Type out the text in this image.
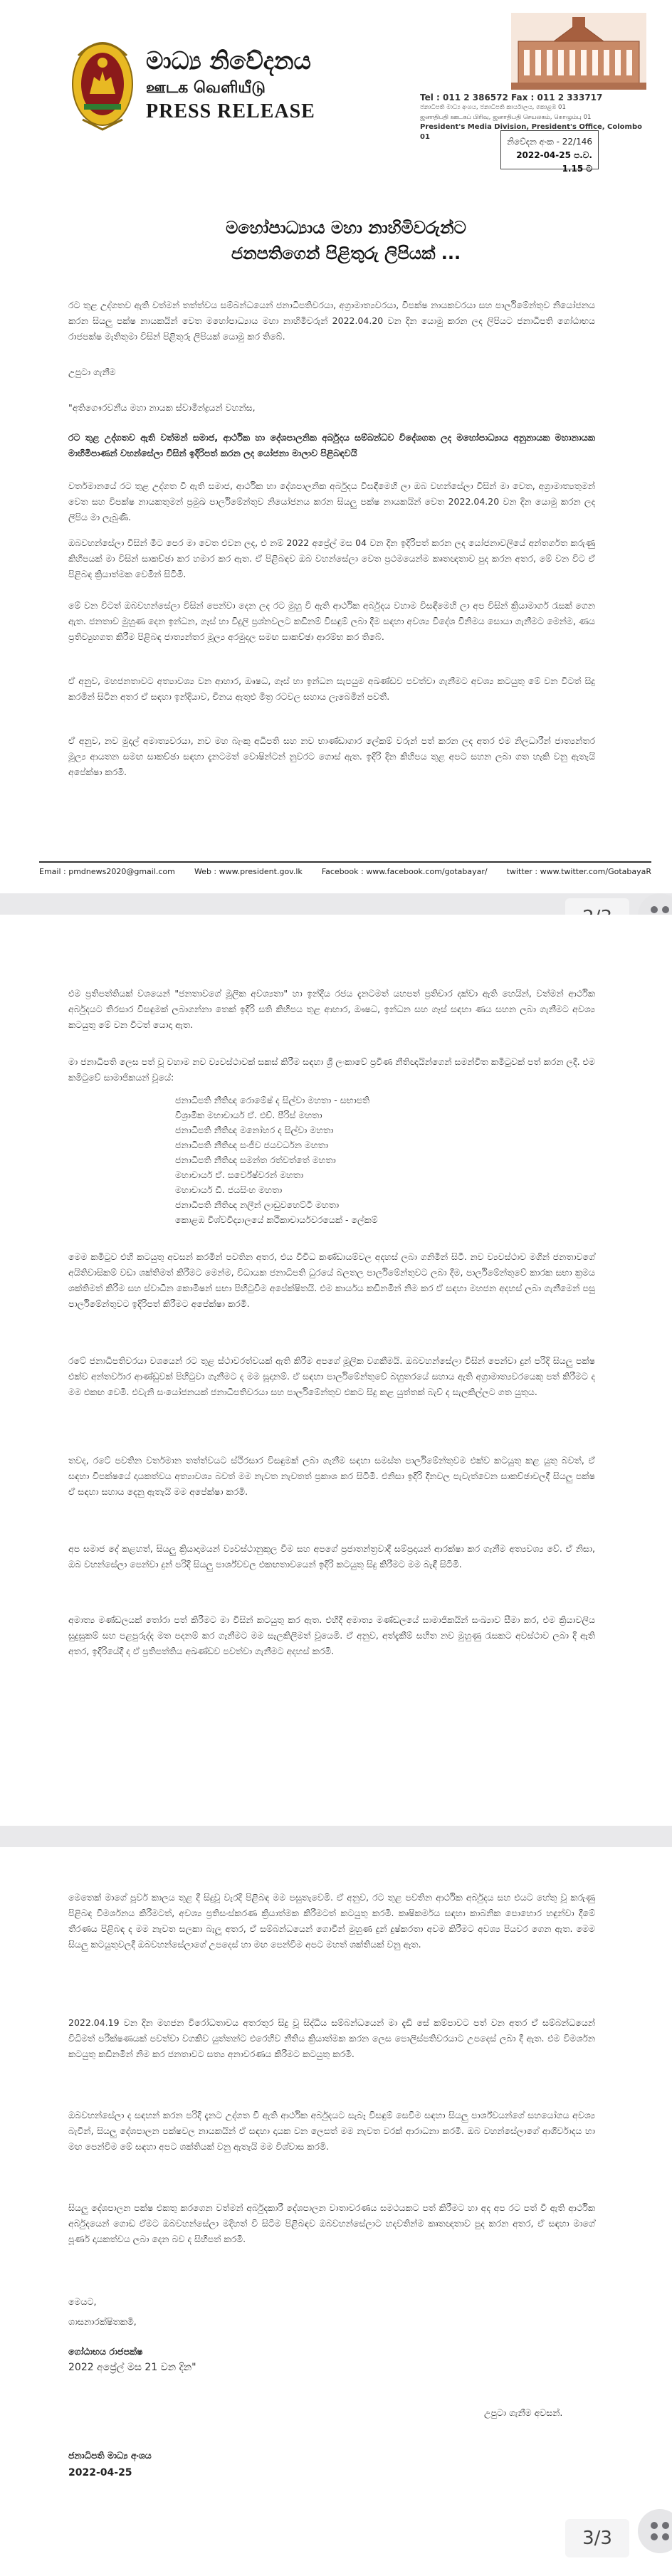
මාධ්‍ය නිවේදනය
ஊடக வெளியீடு
PRESS RELEASE
Tel : 011 2 386572 Fax : 011 2 333717
ජනාධිපති මාධ්‍ය අංශය, ජනාධිපති කාර්යාලය, කොළඹ 01
ஜனாதிபதி ஊடகப் பிரிவு, ஜனாதிபதி செயலகம், கொழும்பு 01
President's Media Division, President's Office, Colombo 01	නිවේදන අංක - 22/146
2022-04-25 ප.ව. 1.15 ට
මහෝපාධ්‍යාය මහා නාහිමිවරුන්ට
ජනපතිගෙන් පිළිතුරු ලිපියක් ...
රට තුළ උද්ගතව ඇති වත්මන් තත්ත්වය සම්බන්ධයෙන් ජනාධිපතිවරයා, අග්‍රාමාත්‍යවරයා, විපක්ෂ නායකවරයා සහ පාර්ලිමේන්තුව නියෝජනය කරන සියලු පක්ෂ නායකයින් වෙත මහෝපාධ්‍යාය මහා නාහිමිවරුන් 2022.04.20 වන දින යොමු කරන ලද ලිපියට ජනාධිපති ගෝඨාභය රාජපක්ෂ මැතිතුමා විසින් පිළිතුරු ලිපියක් යොමු කර තිබේ.
උපුටා ගැනීම
"අතිගෞරවනීය මහා නායක ස්වාමීන්ද්‍රයන් වහන්ස,
රට තුළ උද්ගතව ඇති වත්මන් සමාජ, ආර්ථික හා දේශපාලනික අර්බුදය සම්බන්ධව විදේශගත ලද මහෝපාධ්‍යාය අනුනායක මහානායක මාහිමිපාණන් වහන්සේලා විසින් ඉදිරිපත් කරන ලද යෝජනා මාලාව පිළිබඳවයි
වර්තමානයේ රට තුළ උද්ගත වී ඇති සමාජ, ආර්ථික හා දේශපාලනික අර්බුදය විසඳීමෙහි ලා ඔබ වහන්සේලා විසින් මා වෙත, අග්‍රාමාත්‍යතුමන් වෙත සහ විපක්ෂ නායකතුමන් ප්‍රමුඛ පාර්ලිමේන්තුව නියෝජනය කරන සියලු පක්ෂ නායකයින් වෙත 2022.04.20 වන දින යොමු කරන ලද ලිපිය මා ලැබුණි.
ඔබවහන්සේලා විසින් මීට පෙර මා වෙත එවන ලද, එ නම් 2022 අප්‍රේල් මස 04 වන දින ඉදිරිපත් කරන ලද යෝජනාවලියේ අන්තර්ගත කරුණු කිහිපයක් මා විසින් සාකච්ඡා කර හමාර කර ඇත. ඒ පිළිබඳව ඔබ වහන්සේලා වෙත ප්‍රථමයෙන්ම කෘතඥතාව පුද කරන අතර, මේ වන විට ඒ පිළිබඳ ක්‍රියාත්මක වෙමින් සිටිමි.
මේ වන විටත් ඔබවහන්සේලා විසින් පෙන්වා දෙන ලද රට මුහු වී ඇති ආර්ථික අර්බුදය වහාම විසඳීමෙහි ලා අප විසින් ක්‍රියාමාර්ග රැසක් ගෙන ඇත. ජනතාව මුහුණ දෙන ඉන්ධන, ගෑස් හා විදුලි ප්‍රශ්නවලට කඩිනම් විසඳුම් ලබා දීම සඳහා අවශ්‍ය විදේශ විනිමය සොයා ගැනීමට මෙන්ම, ණය ප්‍රතිව්‍යුහගත කිරීම පිළිබඳ ජාත්‍යන්තර මූල්‍ය අරමුදල සමඟ සාකච්ඡා ආරම්භ කර තිබේ.
ඒ අනුව, මහජනතාවට අත්‍යාවශ්‍ය වන ආහාර, ඖෂධ, ගෑස් හා ඉන්ධන සැපයුම අඛණ්ඩව පවත්වා ගැනීමට අවශ්‍ය කටයුතු මේ වන විටත් සිදු කරමින් සිටින අතර ඒ සඳහා ඉන්දියාව, චීනය ඇතුළු මිත්‍ර රටවල සහාය ලැබෙමින් පවතී.
ඒ අනුව, නව මුදල් අමාත්‍යවරයා, නව මහ බැංකු අධිපති සහ නව භාණ්ඩාගාර ලේකම් වරුන් පත් කරන ලද අතර එම නිලධාරීන් ජාත්‍යන්තර මූල්‍ය ආයතන සමඟ සාකච්ඡා සඳහා දැනටමත් වොෂින්ටන් නුවරට ගොස් ඇත. ඉදිරි දින කිහිපය තුළ අපට සහන ලබා ගත හැකි වනු ඇතැයි අපේක්ෂා කරමි.
Email : pmdnews2020@gmail.com Web : www.president.gov.lk Facebook : www.facebook.com/gotabayar/ twitter : www.twitter.com/GotabayaR
එම ප්‍රතිපත්තියක් වශයෙන් "ජනතාවගේ මූලික අවශ්‍යතා" හා ඉන්දීය රජය දැනටමත් යහපත් ප්‍රතිචාර දක්වා ඇති හෙයින්, වත්මන් ආර්ථික අර්බුදයට තිරසාර විසඳුමක් ලබාගන්නා තෙක් ඉදිරි සති කිහිපය තුළ ආහාර, ඖෂධ, ඉන්ධන සහ ගෑස් සඳහා ණය සහන ලබා ගැනීමට අවශ්‍ය කටයුතු මේ වන විටත් යොදා ඇත.
මා ජනාධිපති ලෙස පත් වූ වහාම නව ව්‍යවස්ථාවක් සකස් කිරීම සඳහා ශ්‍රී ලංකාවේ ප්‍රවීණ නීතිඥයින්ගෙන් සමන්විත කමිටුවක් පත් කරන ලදී. එම කමිටුවේ සාමාජිකයන් වූයේ:
ජනාධිපති නීතිඥ රොමේෂ් ද සිල්වා මහතා - සභාපති
විශ්‍රාමික මහාචාර්ය ඒ. එච්. පීරිස් මහතා
ජනාධිපති නීතිඥ මනෝහර ද සිල්වා මහතා
ජනාධිපති නීතිඥ සංජීව ජයවර්ධන මහතා
ජනාධිපති නීතිඥ සමන්ත රත්වත්තේ මහතා
මහාචාර්ය ඒ. සර්වේෂ්වරන් මහතා
මහාචාර්ය ඩී. ජයසිංහ මහතා
ජනාධිපති නීතිඥ නලීන් ලාඩුවහෙට්ටි මහතා
කොළඹ විශ්වවිද්‍යාලයේ කථිකාචාර්යවරයෙක් - ලේකම්
මෙම කමිටුව එහි කටයුතු අවසන් කරමින් පවතින අතර, එය විවිධ කණ්ඩායම්වල අදහස් ලබා ගනිමින් සිටී. නව ව්‍යවස්ථාව මගින් ජනතාවගේ අයිතිවාසිකම් වඩා ශක්තිමත් කිරීමට මෙන්ම, විධායක ජනාධිපති ධුරයේ බලතල පාර්ලිමේන්තුවට ලබා දීම, පාර්ලිමේන්තුවේ කාරක සභා ක්‍රමය ශක්තිමත් කිරීම සහ ස්වාධීන කොමිෂන් සභා පිහිටුවීම අපේක්ෂිතයි. එම කාර්යය කඩිනමින් නිම කර ඒ සඳහා මහජන අදහස් ලබා ගැනීමෙන් පසු පාර්ලිමේන්තුවට ඉදිරිපත් කිරීමට අපේක්ෂා කරමි.
රටේ ජනාධිපතිවරයා වශයෙන් රට තුළ ස්ථාවරත්වයක් ඇති කිරීම අපගේ මූලික වගකීමයි. ඔබවහන්සේලා විසින් පෙන්වා දුන් පරිදි සියලු පක්ෂ එක්ව අන්තර්වාර ආණ්ඩුවක් පිහිටුවා ගැනීමට ද මම සූදානම්. ඒ සඳහා පාර්ලිමේන්තුවේ බහුතරයේ සහාය ඇති අග්‍රාමාත්‍යවරයෙකු පත් කිරීමට ද මම එකඟ වෙමි. එවැනි සංයෝජනයක් ජනාධිපතිවරයා සහ පාර්ලිමේන්තුව එකට සිදු කළ යුත්තක් බැව් ද සැලකිල්ලට ගත යුතුය.
තවද, රටේ පවතින වර්තමාන තත්ත්වයට ස්ථිරසාර විසඳුමක් ලබා ගැනීම සඳහා සමස්ත පාර්ලිමේන්තුවම එක්ව කටයුතු කළ යුතු බවත්, ඒ සඳහා විපක්ෂයේ දායකත්වය අත්‍යාවශ්‍ය බවත් මම නැවත නැවතත් ප්‍රකාශ කර සිටිමි. එනිසා ඉදිරි දිනවල පැවැත්වෙන සාකච්ඡාවලදී සියලු පක්ෂ ඒ සඳහා සහාය දෙනු ඇතැයි මම අපේක්ෂා කරමි.
අප සමාජ දේ කළහත්, සියලු ක්‍රියාදාමයන් ව්‍යවස්ථානුකූල වීම සහ අපගේ ප්‍රජාතන්ත්‍රවාදී සම්ප්‍රදායන් ආරක්ෂා කර ගැනීම අත්‍යවශ්‍ය වේ. ඒ නිසා, ඔබ වහන්සේලා පෙන්වා දුන් පරිදි සියලු පාර්ශ්වවල එකඟතාවයෙන් ඉදිරි කටයුතු සිදු කිරීමට මම බැඳී සිටිමි.
අමාත්‍ය මණ්ඩලයක් තෝරා පත් කිරීමට මා විසින් කටයුතු කර ඇත. එහිදී අමාත්‍ය මණ්ඩලයේ සාමාජිකයින් සංඛ්‍යාව සීමා කර, එම ක්‍රියාවලිය සුදුසුකම් සහ පළපුරුද්ද මත පදනම් කර ගැනීමට මම සැලකිලිමත් වූයෙමි. ඒ අනුව, අත්දැකීම් සහිත නව මුහුණු රැසකට අවස්ථාව ලබා දී ඇති අතර, ඉදිරියේදී ද ඒ ප්‍රතිපත්තිය අඛණ්ඩව පවත්වා ගැනීමට අදහස් කරමි.
මෙතෙක් මාගේ පූර්ව කාලය තුළ දී සිදුවූ වැරදි පිළිබඳ මම පසුතැවෙමි. ඒ අනුව, රට තුළ පවතින ආර්ථික අර්බුදය සහ එයට හේතු වූ කරුණු පිළිබඳ විමර්ශනය කිරීමටත්, අවශ්‍ය ප්‍රතිසංස්කරණ ක්‍රියාත්මක කිරීමටත් කටයුතු කරමි. කෘෂිකර්මය සඳහා කාබනික පොහොර හඳුන්වා දීමේ තීරණය පිළිබඳ ද මම නැවත සලකා බැලූ අතර, ඒ සම්බන්ධයෙන් ගොවීන් මුහුණ දුන් දුෂ්කරතා අවම කිරීමට අවශ්‍ය පියවර ගෙන ඇත. මෙම සියලු කටයුතුවලදී ඔබවහන්සේලාගේ උපදෙස් හා මඟ පෙන්වීම අපට මහත් ශක්තියක් වනු ඇත.
2022.04.19 වන දින මහජන විරෝධතාවය අතරතුර සිදු වූ සිද්ධිය සම්බන්ධයෙන් මා දැඩි සේ කම්පාවට පත් වන අතර ඒ සම්බන්ධයෙන් විධිමත් පරීක්ෂණයක් පවත්වා වගකිව යුත්තන්ට එරෙහිව නීතිය ක්‍රියාත්මක කරන ලෙස පොලිස්පතිවරයාට උපදෙස් ලබා දී ඇත. එම විමර්ශන කටයුතු කඩිනමින් නිම කර ජනතාවට සත්‍ය අනාවරණය කිරීමට කටයුතු කරමි.
ඔබවහන්සේලා ද සඳහන් කරන පරිදි දැනට උද්ගත වී ඇති ආර්ථික අර්බුදයට සැබෑ විසඳුම් සෙවීම සඳහා සියලු පාර්ශ්වයන්ගේ සහයෝගය අවශ්‍ය බැවින්, සියලු දේශපාලන පක්ෂවල නායකයින් ඒ සඳහා දායක වන ලෙසත් මම නැවත වරක් ආරාධනා කරමි. ඔබ වහන්සේලාගේ ආශීර්වාදය හා මඟ පෙන්වීම මේ සඳහා අපට ශක්තියක් වනු ඇතැයි මම විශ්වාස කරමි.
සියලු දේශපාලන පක්ෂ එකතු කරගෙන වත්මන් අර්බුදකාරී දේශපාලන වාතාවරණය සමථයකට පත් කිරීමට හා අද අප රට පත් වී ඇති ආර්ථික අර්බුදයෙන් ගොඩ ඒමට ඔබවහන්සේලා මදිහත් වී සිටීම පිළිබඳව ඔබවහන්සේලාට හදවතින්ම කෘතඥතාව පුද කරන අතර, ඒ සඳහා මාගේ පූර්ණ දායකත්වය ලබා දෙන බව ද සිහිපත් කරමි.
මෙයට,
ශාසනාරක්ෂිතකමි,
ගෝඨාභය රාජපක්ෂ
2022 අප්‍රේල් මස 21 වන දින"
උපුටා ගැනීම අවසන්.
ජනාධිපති මාධ්‍ය අංශය
2022-04-25
3/3
